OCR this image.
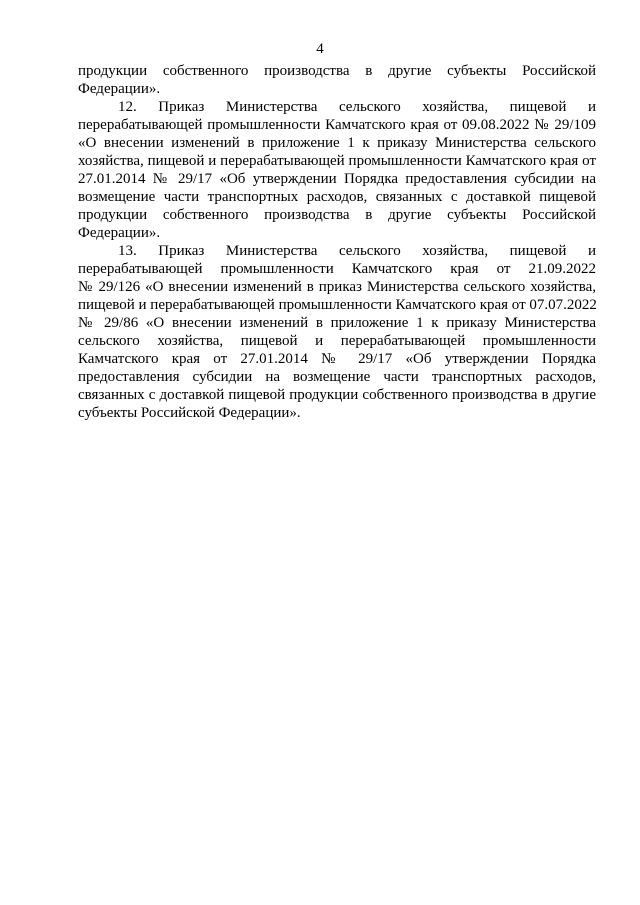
4
продукции собственного производства в другие субъекты Российской
Федерации».
12. Приказ Министерства сельского хозяйства, пищевой и
перерабатывающей промышленности Камчатского края от 09.08.2022 № 29/109
«О внесении изменений в приложение 1 к приказу Министерства сельского
хозяйства, пищевой и перерабатывающей промышленности Камчатского края от
27.01.2014 № 29/17 «Об утверждении Порядка предоставления субсидии на
возмещение части транспортных расходов, связанных с доставкой пищевой
продукции собственного производства в другие субъекты Российской
Федерации».
13. Приказ Министерства сельского хозяйства, пищевой и
перерабатывающей промышленности Камчатского края от 21.09.2022
№ 29/126 «О внесении изменений в приказ Министерства сельского хозяйства,
пищевой и перерабатывающей промышленности Камчатского края от 07.07.2022
№ 29/86 «О внесении изменений в приложение 1 к приказу Министерства
сельского хозяйства, пищевой и перерабатывающей промышленности
Камчатского края от 27.01.2014 № 29/17 «Об утверждении Порядка
предоставления субсидии на возмещение части транспортных расходов,
связанных с доставкой пищевой продукции собственного производства в другие
субъекты Российской Федерации».
